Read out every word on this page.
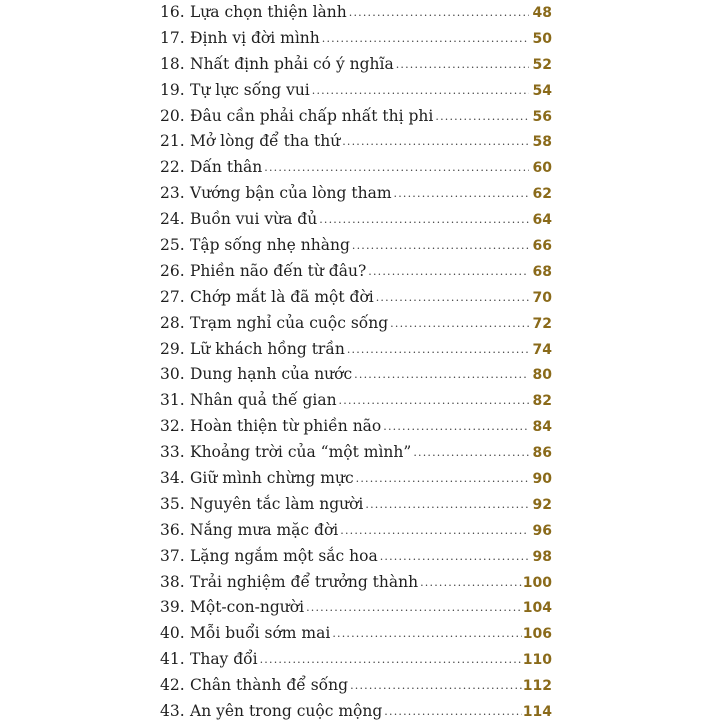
16. Lựa chọn thiện lành .....	48
17. Định vị đời mình .....	50
18. Nhất định phải có ý nghĩa .....	52
19. Tự lực sống vui .....	54
20. Đâu cần phải chấp nhất thị phi .....	56
21. Mở lòng để tha thứ .....	58
22. Dấn thân .....	60
23. Vướng bận của lòng tham .....	62
24. Buồn vui vừa đủ .....	64
25. Tập sống nhẹ nhàng .....	66
26. Phiền não đến từ đâu? .....	68
27. Chớp mắt là đã một đời .....	70
28. Trạm nghỉ của cuộc sống .....	72
29. Lữ khách hồng trần .....	74
30. Dung hạnh của nước .....	80
31. Nhân quả thế gian .....	82
32. Hoàn thiện từ phiền não .....	84
33. Khoảng trời của “một mình” .....	86
34. Giữ mình chừng mực .....	90
35. Nguyên tắc làm người .....	92
36. Nắng mưa mặc đời .....	96
37. Lặng ngắm một sắc hoa .....	98
38. Trải nghiệm để trưởng thành .....	100
39. Một-con-người .....	104
40. Mỗi buổi sớm mai .....	106
41. Thay đổi .....	110
42. Chân thành để sống .....	112
43. An yên trong cuộc mộng .....	114
